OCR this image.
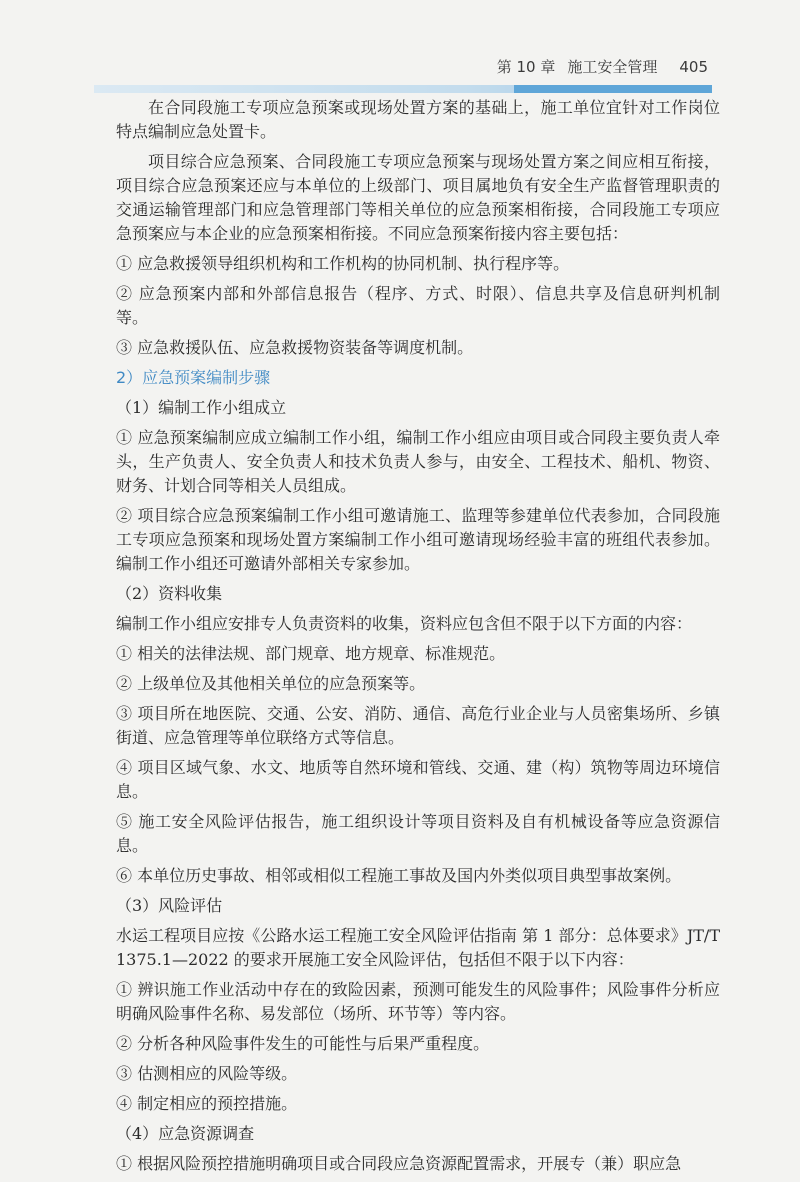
第 10 章 施工安全管理 405

在合同段施工专项应急预案或现场处置方案的基础上，施工单位宜针对工作岗位特点编制应急处置卡。

项目综合应急预案、合同段施工专项应急预案与现场处置方案之间应相互衔接，项目综合应急预案还应与本单位的上级部门、项目属地负有安全生产监督管理职责的交通运输管理部门和应急管理部门等相关单位的应急预案相衔接，合同段施工专项应急预案应与本企业的应急预案相衔接。不同应急预案衔接内容主要包括：

① 应急救援领导组织机构和工作机构的协同机制、执行程序等。

② 应急预案内部和外部信息报告（程序、方式、时限）、信息共享及信息研判机制等。

③ 应急救援队伍、应急救援物资装备等调度机制。

2）应急预案编制步骤

（1）编制工作小组成立

① 应急预案编制应成立编制工作小组，编制工作小组应由项目或合同段主要负责人牵头，生产负责人、安全负责人和技术负责人参与，由安全、工程技术、船机、物资、财务、计划合同等相关人员组成。

② 项目综合应急预案编制工作小组可邀请施工、监理等参建单位代表参加，合同段施工专项应急预案和现场处置方案编制工作小组可邀请现场经验丰富的班组代表参加。编制工作小组还可邀请外部相关专家参加。

（2）资料收集

编制工作小组应安排专人负责资料的收集，资料应包含但不限于以下方面的内容：

① 相关的法律法规、部门规章、地方规章、标准规范。

② 上级单位及其他相关单位的应急预案等。

③ 项目所在地医院、交通、公安、消防、通信、高危行业企业与人员密集场所、乡镇街道、应急管理等单位联络方式等信息。

④ 项目区域气象、水文、地质等自然环境和管线、交通、建（构）筑物等周边环境信息。

⑤ 施工安全风险评估报告，施工组织设计等项目资料及自有机械设备等应急资源信息。

⑥ 本单位历史事故、相邻或相似工程施工事故及国内外类似项目典型事故案例。

（3）风险评估

水运工程项目应按《公路水运工程施工安全风险评估指南 第 1 部分：总体要求》JT/T 1375.1—2022 的要求开展施工安全风险评估，包括但不限于以下内容：

① 辨识施工作业活动中存在的致险因素，预测可能发生的风险事件；风险事件分析应明确风险事件名称、易发部位（场所、环节等）等内容。

② 分析各种风险事件发生的可能性与后果严重程度。

③ 估测相应的风险等级。

④ 制定相应的预控措施。

（4）应急资源调查

① 根据风险预控措施明确项目或合同段应急资源配置需求，开展专（兼）职应急
